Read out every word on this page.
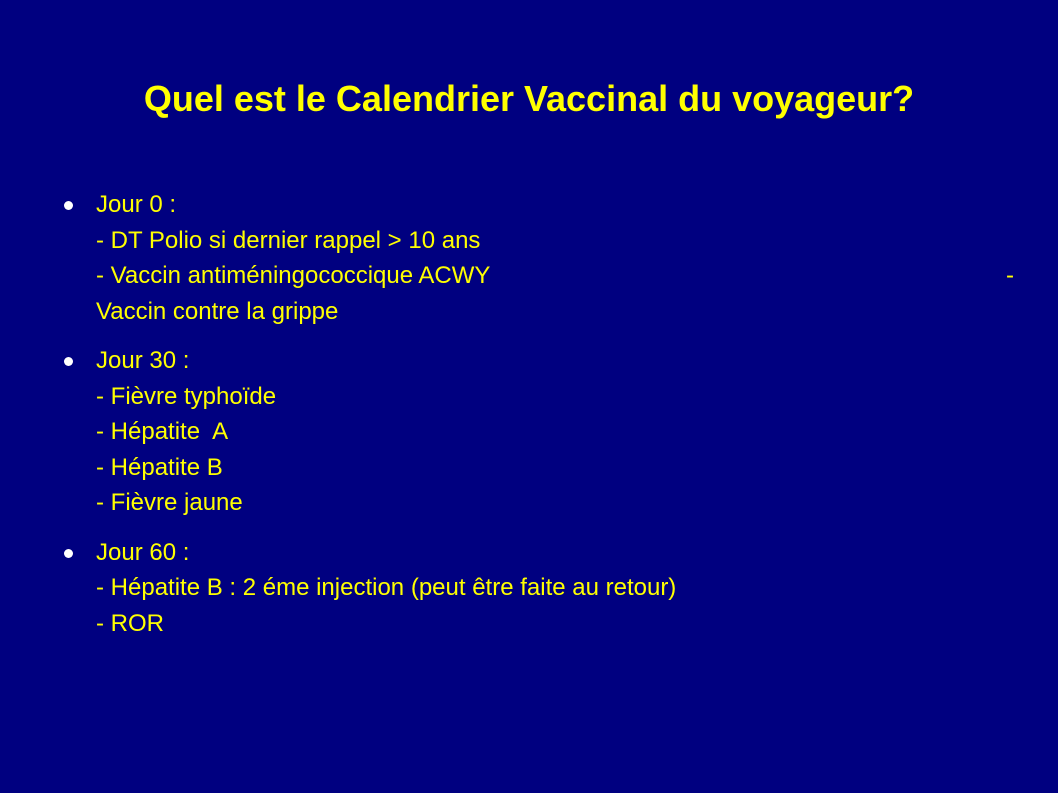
Quel est le Calendrier Vaccinal du voyageur?
Jour 0 :
- DT Polio si dernier rappel > 10 ans
- Vaccin antiméningococcique ACWY	-
Vaccin contre la grippe
Jour 30 :
- Fièvre typhoïde
- Hépatite  A
- Hépatite B
- Fièvre jaune
Jour 60 :
- Hépatite B : 2 éme injection (peut être faite au retour)
- ROR
